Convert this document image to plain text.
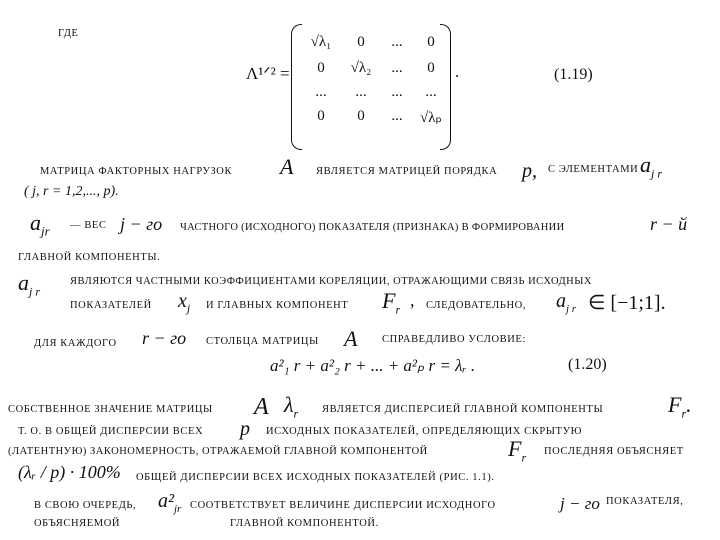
ГДЕ
Λ¹ᐟ² =
√λ₁	0	...	0
0	√λ₂	...	0
...	...	...	...
0	0	...	√λₚ
.	(1.19)
МАТРИЦА ФАКТОРНЫХ НАГРУЗОК A ЯВЛЯЕТСЯ МАТРИЦЕЙ ПОРЯДКА p, С ЭЛЕМЕНТАМИ $a_{j r}$
( j, r = 1,2,..., p).
$a_{jr}$ — ВЕС j − го ЧАСТНОГО (ИСХОДНОГО) ПОКАЗАТЕЛЯ (ПРИЗНАКА) В ФОРМИРОВАНИИ	r − й
ГЛАВНОЙ КОМПОНЕНТЫ.
$a_{j r}$
ЯВЛЯЮТСЯ ЧАСТНЫМИ КОЭФФИЦИЕНТАМИ КОРЕЛЯЦИИ, ОТРАЖАЮЩИМИ СВЯЗЬ ИСХОДНЫХ
ПОКАЗАТЕЛЕЙ $x_j$ И ГЛАВНЫХ КОМПОНЕНТ $F_r$ , СЛЕДОВАТЕЛЬНО, $a_{j r}$ ∈ [−1;1].
ДЛЯ КАЖДОГО r − го СТОЛБЦА МАТРИЦЫ A СПРАВЕДЛИВО УСЛОВИЕ:
a²₁ r + a²₂ r + ... + a²ₚ r = λᵣ .	(1.20)
СОБСТВЕННОЕ ЗНАЧЕНИЕ МАТРИЦЫ A $\lambda_r$ ЯВЛЯЕТСЯ ДИСПЕРСИЕЙ ГЛАВНОЙ КОМПОНЕНТЫ	$F_r$.
Т. О. В ОБЩЕЙ ДИСПЕРСИИ ВСЕХ p ИСХОДНЫХ ПОКАЗАТЕЛЕЙ, ОПРЕДЕЛЯЮЩИХ СКРЫТУЮ
(ЛАТЕНТНУЮ) ЗАКОНОМЕРНОСТЬ, ОТРАЖАЕМОЙ ГЛАВНОЙ КОМПОНЕНТОЙ	$F_r$ ПОСЛЕДНЯЯ ОБЪЯСНЯЕТ
(λᵣ / p) · 100% ОБЩЕЙ ДИСПЕРСИИ ВСЕХ ИСХОДНЫХ ПОКАЗАТЕЛЕЙ (РИС. 1.1).
В СВОЮ ОЧЕРЕДЬ, $a^2_{jr}$ СООТВЕТСТВУЕТ ВЕЛИЧИНЕ ДИСПЕРСИИ ИСХОДНОГО	j − го ПОКАЗАТЕЛЯ,
ОБЪЯСНЯЕМОЙ	ГЛАВНОЙ КОМПОНЕНТОЙ.
